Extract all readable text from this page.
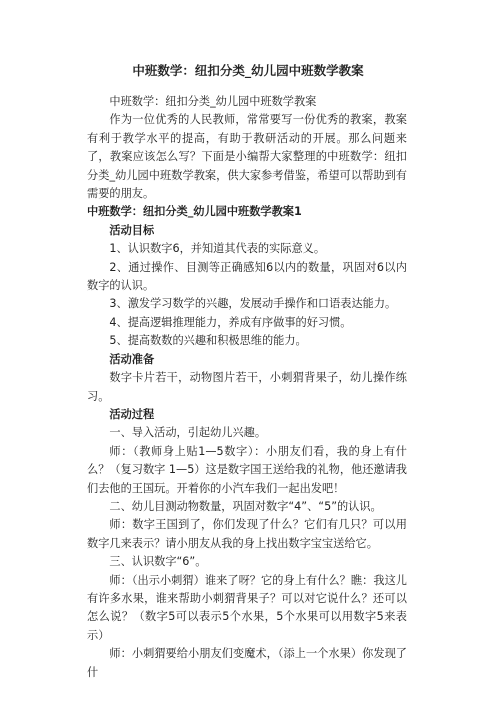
中班数学：纽扣分类_幼儿园中班数学教案

中班数学：纽扣分类_幼儿园中班数学教案

作为一位优秀的人民教师，常常要写一份优秀的教案，教案有利于教学水平的提高，有助于教研活动的开展。那么问题来了，教案应该怎么写？下面是小编帮大家整理的中班数学：纽扣分类_幼儿园中班数学教案，供大家参考借鉴，希望可以帮助到有需要的朋友。

中班数学：纽扣分类_幼儿园中班数学教案1

活动目标

1、认识数字6，并知道其代表的实际意义。

2、通过操作、目测等正确感知6以内的数量，巩固对6以内数字的认识。

3、激发学习数学的兴趣，发展动手操作和口语表达能力。

4、提高逻辑推理能力，养成有序做事的好习惯。

5、提高数数的兴趣和积极思维的能力。

活动准备

数字卡片若干，动物图片若干，小刺猬背果子，幼儿操作练习。

活动过程

一、导入活动，引起幼儿兴趣。

师：（教师身上贴1—5数字）：小朋友们看，我的身上有什么？（复习数字 1—5）这是数字国王送给我的礼物，他还邀请我们去他的王国玩。开着你的小汽车我们一起出发吧！

二、幼儿目测动物数量，巩固对数字“4”、“5”的认识。

师：数字王国到了，你们发现了什么？它们有几只？可以用数字几来表示？请小朋友从我的身上找出数字宝宝送给它。

三、认识数字“6”。

师：（出示小刺猬）谁来了呀？它的身上有什么？瞧：我这儿有许多水果，谁来帮助小刺猬背果子？可以对它说什么？还可以怎么说？（数字5可以表示5个水果，5个水果可以用数字5来表示）

师：小刺猬要给小朋友们变魔术，（添上一个水果）你发现了什
